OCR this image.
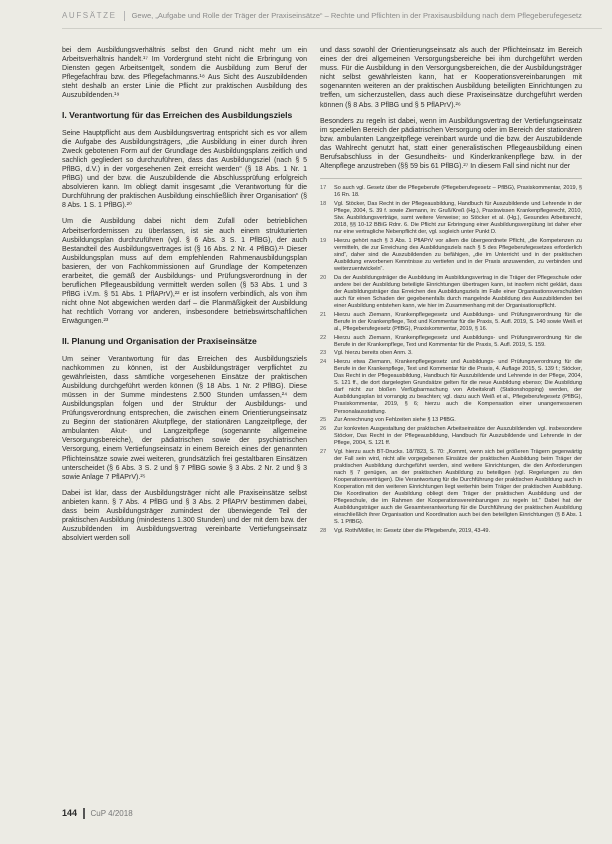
AUFSÄTZE Gewe, „Aufgabe und Rolle der Träger der Praxiseinsätze“ – Rechte und Pflichten in der Praxisausbildung nach dem Pflegeberufegesetz

bei dem Ausbildungsverhältnis selbst den Grund nicht mehr um ein Arbeitsverhältnis handelt.¹⁷ Im Vordergrund steht nicht die Erbringung von Diensten gegen Arbeitsentgelt, sondern die Ausbildung zum Beruf der Pflegefachfrau bzw. des Pflegefachmanns.¹⁸ Aus Sicht des Auszubildenden steht deshalb an erster Linie die Pflicht zur praktischen Ausbildung des Auszubildenden.¹⁹

I. Verantwortung für das Erreichen des Ausbildungsziels

Seine Hauptpflicht aus dem Ausbildungsvertrag entspricht sich es vor allem die Aufgabe des Ausbildungsträgers, „die Ausbildung in einer durch ihren Zweck gebotenen Form auf der Grundlage des Ausbildungsplans zeitlich und sachlich gegliedert so durchzuführen, dass das Ausbildungsziel (nach § 5 PflBG, d.V.) in der vorgesehenen Zeit erreicht werden“ (§ 18 Abs. 1 Nr. 1 PflBG) und der bzw. die Auszubildende die Abschlussprüfung erfolgreich absolvieren kann. Im obliegt damit insgesamt „die Verantwortung für die Durchführung der praktischen Ausbildung einschließlich ihrer Organisation“ (§ 8 Abs. 1 S. 1 PflBG).²⁰

Um die Ausbildung dabei nicht dem Zufall oder betrieblichen Arbeitserfordernissen zu überlassen, ist sie auch einem strukturierten Ausbildungsplan durchzuführen (vgl. § 6 Abs. 3 S. 1 PflBG), der auch Bestandteil des Ausbildungsvertrages ist (§ 16 Abs. 2 Nr. 4 PflBG).²¹ Dieser Ausbildungsplan muss auf dem empfehlenden Rahmenausbildungsplan basieren, der von Fachkommissionen auf Grundlage der Kompetenzen erarbeitet, die gemäß der Ausbildungs- und Prüfungsverordnung in der beruflichen Pflegeausbildung vermittelt werden sollen (§ 53 Abs. 1 und 3 PflBG i.V.m. § 51 Abs. 1 PflAPrV),²² er ist insofern verbindlich, als von ihm nicht ohne Not abgewichen werden darf – die Planmäßigkeit der Ausbildung hat rechtlich Vorrang vor anderen, insbesondere betriebswirtschaftlichen Erwägungen.²³

II. Planung und Organisation der Praxiseinsätze

Um seiner Verantwortung für das Erreichen des Ausbildungsziels nachkommen zu können, ist der Ausbildungsträger verpflichtet zu gewährleisten, dass sämtliche vorgesehenen Einsätze der praktischen Ausbildung durchgeführt werden können (§ 18 Abs. 1 Nr. 2 PflBG). Diese müssen in der Summe mindestens 2.500 Stunden umfassen,²⁴ dem Ausbildungsplan folgen und der Struktur der Ausbildungs- und Prüfungsverordnung entsprechen, die zwischen einem Orientierungseinsatz zu Beginn der stationären Akutpflege, der stationären Langzeitpflege, der ambulanten Akut- und Langzeitpflege (sogenannte allgemeine Versorgungsbereiche), der pädiatrischen sowie der psychiatrischen Versorgung, einem Vertiefungseinsatz in einem Bereich eines der genannten Pflichteinsätze sowie zwei weiteren, grundsätzlich frei gestaltbaren Einsätzen unterscheidet (§ 6 Abs. 3 S. 2 und § 7 PflBG sowie § 3 Abs. 2 Nr. 2 und § 3 sowie Anlage 7 PflAPrV).²⁵

Dabei ist klar, dass der Ausbildungsträger nicht alle Praxiseinsätze selbst anbieten kann. § 7 Abs. 4 PflBG und § 3 Abs. 2 PflAPrV bestimmen dabei, dass beim Ausbildungsträger zumindest der überwiegende Teil der praktischen Ausbildung (mindestens 1.300 Stunden) und der mit dem bzw. der Auszubildenden im Ausbildungsvertrag vereinbarte Vertiefungseinsatz absolviert werden soll

und dass sowohl der Orientierungseinsatz als auch der Pflichteinsatz im Bereich eines der drei allgemeinen Versorgungsbereiche bei ihm durchgeführt werden muss. Für die Ausbildung in den Versorgungsbereichen, die der Ausbildungsträger nicht selbst gewährleisten kann, hat er Kooperationsvereinbarungen mit sogenannten weiteren an der praktischen Ausbildung beteiligten Einrichtungen zu treffen, um sicherzustellen, dass auch diese Praxiseinsätze durchgeführt werden können (§ 8 Abs. 3 PflBG und § 5 PflAPrV).²⁶

Besonders zu regeln ist dabei, wenn im Ausbildungsvertrag der Vertiefungseinsatz im speziellen Bereich der pädiatrischen Versorgung oder im Bereich der stationären bzw. ambulanten Langzeitpflege vereinbart wurde und die bzw. der Auszubildende das Wahlrecht genutzt hat, statt einer generalistischen Pflegeausbildung einen Berufsabschluss in der Gesundheits- und Kinderkrankenpflege bzw. in der Altenpflege anzustreben (§§ 59 bis 61 PflBG).²⁷ In diesem Fall sind nicht nur der

17	So auch vgl. Gesetz über die Pflegeberufe (Pflegeberufegesetz – PflBG), Praxiskommentar, 2019, § 16 Rn. 18.
18	Vgl. Stöcker, Das Recht in der Pflegeausbildung, Handbuch für Auszubildende und Lehrende in der Pflege, 2004, S. 39 f. sowie Ziemann, in: Gruß/Kreß (Hg.), Praxiswissen Krankenpflegerecht, 2010, Stw. Ausbildungsverträge, samt weitere Verweise; so Stöcker et al. (Hg.), Gesundes Arbeitsrecht, 2018, §§ 10-12 BBiG Rdnr. 6. Die Pflicht zur Erbringung einer Ausbildungsvergütung ist daher eher nur eine vertragliche Nebenpflicht der, vgl. sogleich unter Punkt D.
19	Hierzu gehört nach § 3 Abs. 1 PflAPrV vor allem die übergeordnete Pflicht, „die Kompetenzen zu vermitteln, die zur Erreichung des Ausbildungsziels nach § 5 des Pflegeberufegesetzes erforderlich sind“, daher sind die Auszubildenden zu befähigen, „die im Unterricht und in der praktischen Ausbildung erworbenen Kenntnisse zu vertiefen und in der Praxis anzuwenden, zu verbinden und weiterzuentwickeln“.
20	Da der Ausbildungsträger die Ausbildung im Ausbildungsvertrag in die Träger der Pflegeschule oder andere bei der Ausbildung beteiligte Einrichtungen übertragen kann, ist insofern nicht geklärt, dass der Ausbildungsträger das Erreichen des Ausbildungsziels im Falle einer Organisationsverschulden auch für einen Schaden der gegebenenfalls durch mangelnde Ausbildung des Auszubildenden bei einer Ausbildung entstehen kann, wie hier im Zusammenhang mit der Organisationspflicht.
21	Hierzu auch Ziemann, Krankenpflegegesetz und Ausbildungs- und Prüfungsverordnung für die Berufe in der Krankenpflege, Text und Kommentar für die Praxis, 5. Aufl. 2019, S. 140 sowie Weiß et al., Pflegeberufegesetz (PflBG), Praxiskommentar, 2019, § 16.
22	Hierzu auch Ziemann, Krankenpflegegesetz und Ausbildungs- und Prüfungsverordnung für die Berufe in der Krankenpflege, Text und Kommentar für die Praxis, 5. Aufl. 2019, S. 159.
23	Vgl. hierzu bereits oben Anm. 3.
24	Hierzu etwa Ziemann, Krankenpflegegesetz und Ausbildungs- und Prüfungsverordnung für die Berufe in der Krankenpflege, Text und Kommentar für die Praxis, 4. Auflage 2015, S. 139 f.; Stöcker, Das Recht in der Pflegeausbildung, Handbuch für Auszubildende und Lehrende in der Pflege, 2004, S. 121 ff., die dort dargelegten Grundsätze gelten für die neue Ausbildung ebenso; Die Ausbildung darf nicht zur bloßen Verfügbarmachung von Arbeitskraft (Stationshopping) werden, der Ausbildungsplan ist vorrangig zu beachten; vgl. dazu auch Weiß et al., Pflegeberufegesetz (PflBG), Praxiskommentar, 2019, § 6; hierzu auch die Kompensation einer unangemessenen Personalausstattung.
25	Zur Anrechnung von Fehlzeiten siehe § 13 PflBG.
26	Zur konkreten Ausgestaltung der praktischen Arbeitseinsätze der Auszubildenden vgl. insbesondere Stöcker, Das Recht in der Pflegeausbildung, Handbuch für Auszubildende und Lehrende in der Pflege, 2004, S. 121 ff.
27	Vgl. hierzu auch BT-Drucks. 18/7823, S. 70: „Kommt, wenn sich bei größeren Trägern gegenwärtig der Fall sein wird, nicht alle vorgegebenen Einsätze der praktischen Ausbildung beim Träger der praktischen Ausbildung durchgeführt werden, sind weitere Einrichtungen, die den Anforderungen nach § 7 genügen, an der praktischen Ausbildung zu beteiligen (vgl. Regelungen zu den Kooperationsverträgen). Die Verantwortung für die Durchführung der praktischen Ausbildung auch in Kooperation mit den weiteren Einrichtungen liegt weiterhin beim Träger der praktischen Ausbildung. Die Koordination der Ausbildung obliegt dem Träger der praktischen Ausbildung und der Pflegeschule, die im Rahmen der Kooperationsvereinbarungen zu regeln ist.“ Dabei hat der Ausbildungsträger auch die Gesamtverantwortung für die Durchführung der praktischen Ausbildung einschließlich ihrer Organisation und Koordination auch bei den beteiligten Einrichtungen (§ 8 Abs. 1 S. 1 PflBG).
28	Vgl. Roth/Möller, in: Gesetz über die Pflegeberufe, 2019, 43-49.
144 CuP 4/2018
